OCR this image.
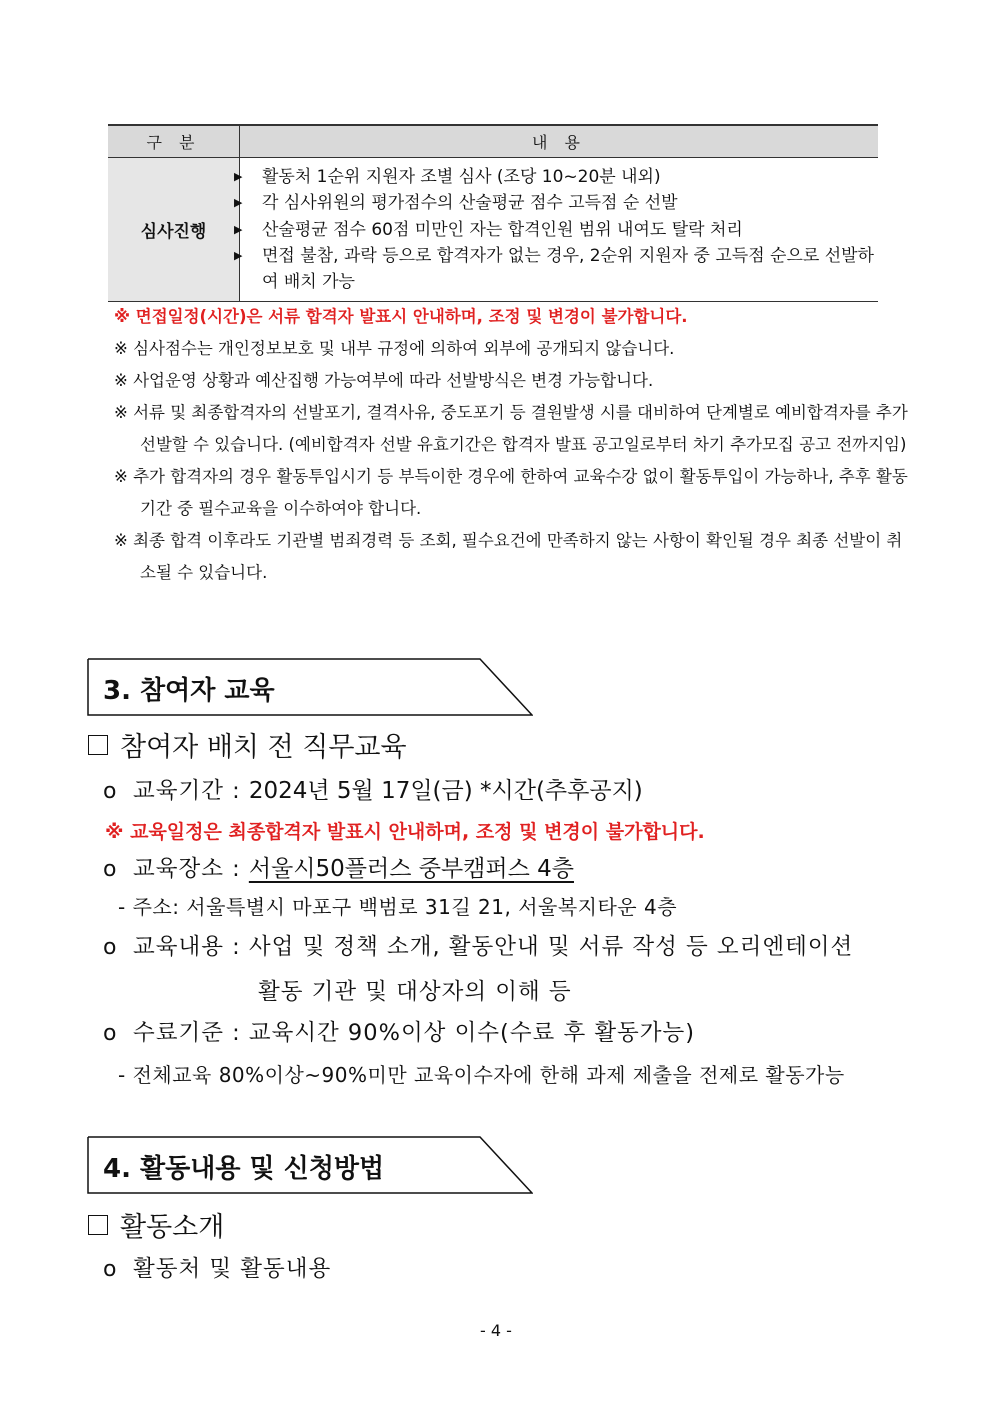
구 분	내 용
심사진행	▶ 활동처 1순위 지원자 조별 심사 (조당 10~20분 내외)
▶ 각 심사위원의 평가점수의 산술평균 점수 고득점 순 선발
▶ 산술평균 점수 60점 미만인 자는 합격인원 범위 내여도 탈락 처리
▶ 면접 불참, 과락 등으로 합격자가 없는 경우, 2순위 지원자 중 고득점 순으로 선발하여 배치 가능
※ 면접일정(시간)은 서류 합격자 발표시 안내하며, 조정 및 변경이 불가합니다.
※ 심사점수는 개인정보보호 및 내부 규정에 의하여 외부에 공개되지 않습니다.
※ 사업운영 상황과 예산집행 가능여부에 따라 선발방식은 변경 가능합니다.
※ 서류 및 최종합격자의 선발포기, 결격사유, 중도포기 등 결원발생 시를 대비하여 단계별로 예비합격자를 추가 선발할 수 있습니다. (예비합격자 선발 유효기간은 합격자 발표 공고일로부터 차기 추가모집 공고 전까지임)
※ 추가 합격자의 경우 활동투입시기 등 부득이한 경우에 한하여 교육수강 없이 활동투입이 가능하나, 추후 활동기간 중 필수교육을 이수하여야 합니다.
※ 최종 합격 이후라도 기관별 범죄경력 등 조회, 필수요건에 만족하지 않는 사항이 확인될 경우 최종 선발이 취소될 수 있습니다.
3. 참여자 교육
참여자 배치 전 직무교육
o 교육기간 : 2024년 5월 17일(금) *시간(추후공지)
※ 교육일정은 최종합격자 발표시 안내하며, 조정 및 변경이 불가합니다.
o 교육장소 : 서울시50플러스 중부캠퍼스 4층
- 주소: 서울특별시 마포구 백범로 31길 21, 서울복지타운 4층
o 교육내용 : 사업 및 정책 소개, 활동안내 및 서류 작성 등 오리엔테이션
활동 기관 및 대상자의 이해 등
o 수료기준 : 교육시간 90%이상 이수(수료 후 활동가능)
- 전체교육 80%이상~90%미만 교육이수자에 한해 과제 제출을 전제로 활동가능
4. 활동내용 및 신청방법
활동소개
o 활동처 및 활동내용
- 4 -
